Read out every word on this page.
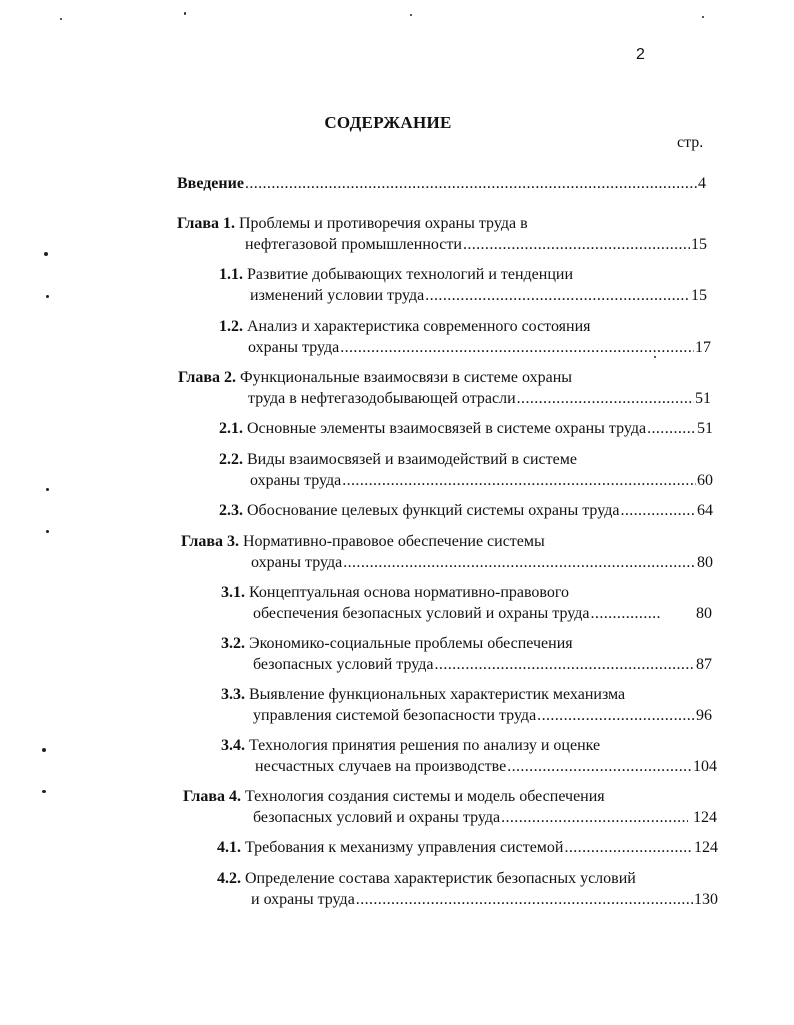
2
СОДЕРЖАНИЕ
стр.
Введение .....	4
Глава 1.
Проблемы и противоречия охраны труда в
нефтегазовой промышленности .....	15
1.1.
Развитие добывающих технологий и тенденции
изменений условии труда .....	15
1.2.
Анализ и характеристика современного состояния
охраны труда .....	17
Глава 2.
Функциональные взаимосвязи в системе охраны
труда в нефтегазодобывающей отрасли .....	51
2.1.
Основные элементы взаимосвязей в системе охраны труда .....	51
2.2.
Виды взаимосвязей и взаимодействий в системе
охраны труда .....	60
2.3.
Обоснование целевых функций системы охраны труда .....	64
Глава 3.
Нормативно-правовое обеспечение системы
охраны труда .....	80
3.1.
Концептуальная основа нормативно-правового
обеспечения безопасных условий и охраны труда .....	80
3.2.
Экономико-социальные проблемы обеспечения
безопасных условий труда .....	87
3.3.
Выявление функциональных характеристик механизма
управления системой безопасности труда .....	96
3.4.
Технология принятия решения по анализу и оценке
несчастных случаев на производстве .....	104
Глава 4.
Технология создания системы и модель обеспечения
безопасных условий и охраны труда .....	124
4.1.
Требования к механизму управления системой .....	124
4.2.
Определение состава характеристик безопасных условий
и охраны труда .....	130
